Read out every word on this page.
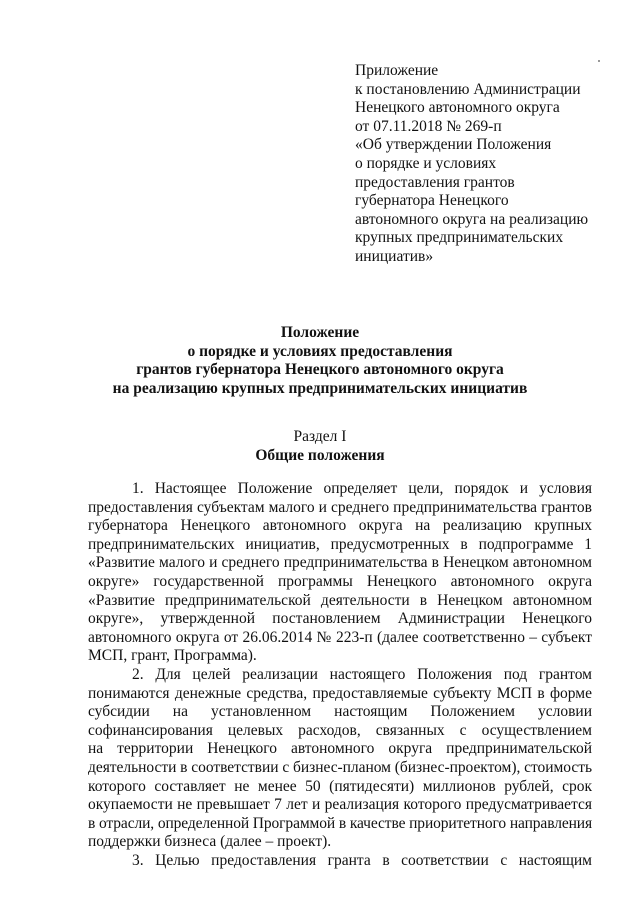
Приложение
к постановлению Администрации
Ненецкого автономного округа
от 07.11.2018 № 269-п
«Об утверждении Положения
о порядке и условиях
предоставления грантов
губернатора Ненецкого
автономного округа на реализацию
крупных предпринимательских
инициатив»
Положение
о порядке и условиях предоставления
грантов губернатора Ненецкого автономного округа
на реализацию крупных предпринимательских инициатив
Раздел I
Общие положения
1. Настоящее Положение определяет цели, порядок и условия
предоставления субъектам малого и среднего предпринимательства грантов
губернатора Ненецкого автономного округа на реализацию крупных
предпринимательских инициатив, предусмотренных в подпрограмме 1
«Развитие малого и среднего предпринимательства в Ненецком автономном
округе» государственной программы Ненецкого автономного округа
«Развитие предпринимательской деятельности в Ненецком автономном
округе», утвержденной постановлением Администрации Ненецкого
автономного округа от 26.06.2014 № 223-п (далее соответственно – субъект
МСП, грант, Программа).
2. Для целей реализации настоящего Положения под грантом
понимаются денежные средства, предоставляемые субъекту МСП в форме
субсидии на установленном настоящим Положением условии
софинансирования целевых расходов, связанных с осуществлением
на территории Ненецкого автономного округа предпринимательской
деятельности в соответствии с бизнес-планом (бизнес-проектом), стоимость
которого составляет не менее 50 (пятидесяти) миллионов рублей, срок
окупаемости не превышает 7 лет и реализация которого предусматривается
в отрасли, определенной Программой в качестве приоритетного направления
поддержки бизнеса (далее – проект).
3. Целью предоставления гранта в соответствии с настоящим
